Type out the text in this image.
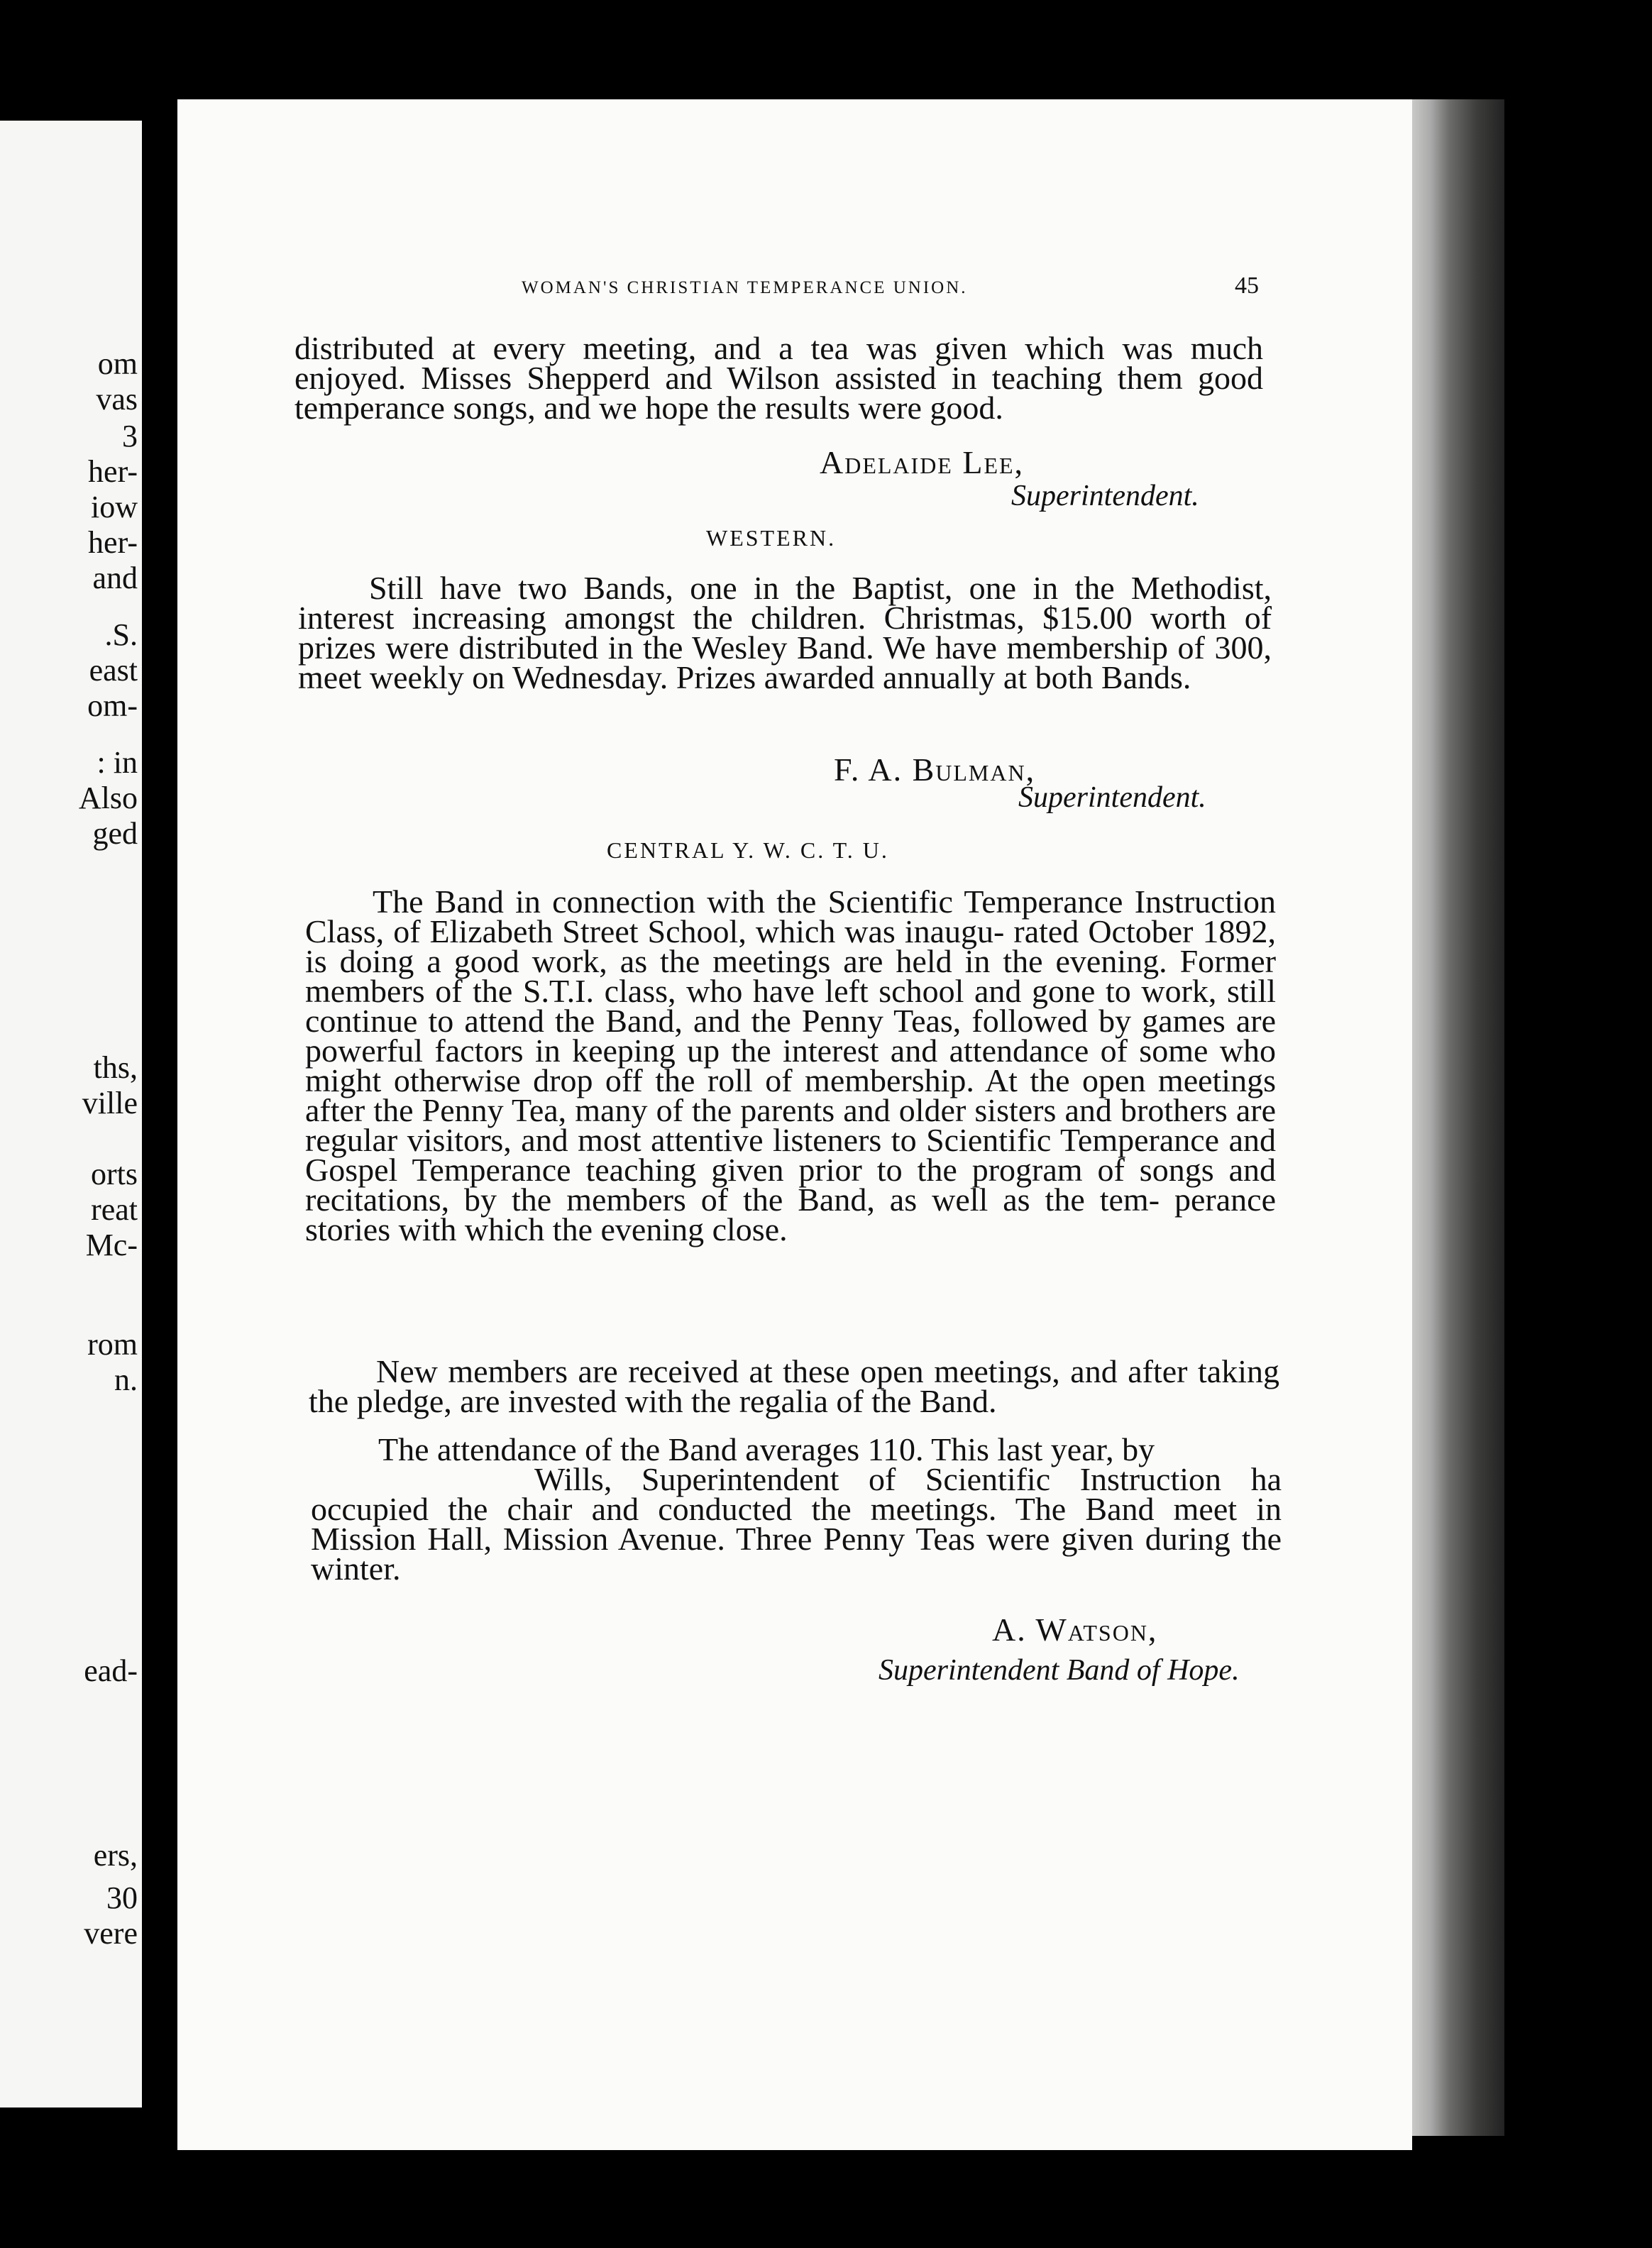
om
vas
3
her-
iow
her-
and
.S.
east
om-
: in
Also
ged
ths,
ville
orts
reat
Mc-
rom
n.
ead-
ers,
30
vere
WOMAN'S CHRISTIAN TEMPERANCE UNION.	45

distributed at every meeting, and a tea was given which was much enjoyed. Misses Shepperd and Wilson assisted in teaching them good temperance songs, and we hope the results were good.

Adelaide Lee,

Superintendent.

WESTERN.

Still have two Bands, one in the Baptist, one in the Methodist, interest increasing amongst the children. Christmas, $15.00 worth of prizes were distributed in the Wesley Band. We have membership of 300, meet weekly on Wednesday. Prizes awarded annually at both Bands.

F. A. Bulman,

Superintendent.

CENTRAL Y. W. C. T. U.

The Band in connection with the Scientific Temperance Instruction Class, of Elizabeth Street School, which was inaugu- rated October 1892, is doing a good work, as the meetings are held in the evening. Former members of the S.T.I. class, who have left school and gone to work, still continue to attend the Band, and the Penny Teas, followed by games are powerful factors in keeping up the interest and attendance of some who might otherwise drop off the roll of membership. At the open meetings after the Penny Tea, many of the parents and older sisters and brothers are regular visitors, and most attentive listeners to Scientific Temperance and Gospel Temperance teaching given prior to the program of songs and recitations, by the members of the Band, as well as the tem- perance stories with which the evening close.

New members are received at these open meetings, and after taking the pledge, are invested with the regalia of the Band.

The attendance of the Band averages 110. This last year, by
Wills, Superintendent of Scientific Instruction ha occupied the chair and conducted the meetings. The Band meet in Mission Hall, Mission Avenue. Three Penny Teas were given during the winter.

A. Watson,

Superintendent Band of Hope.
